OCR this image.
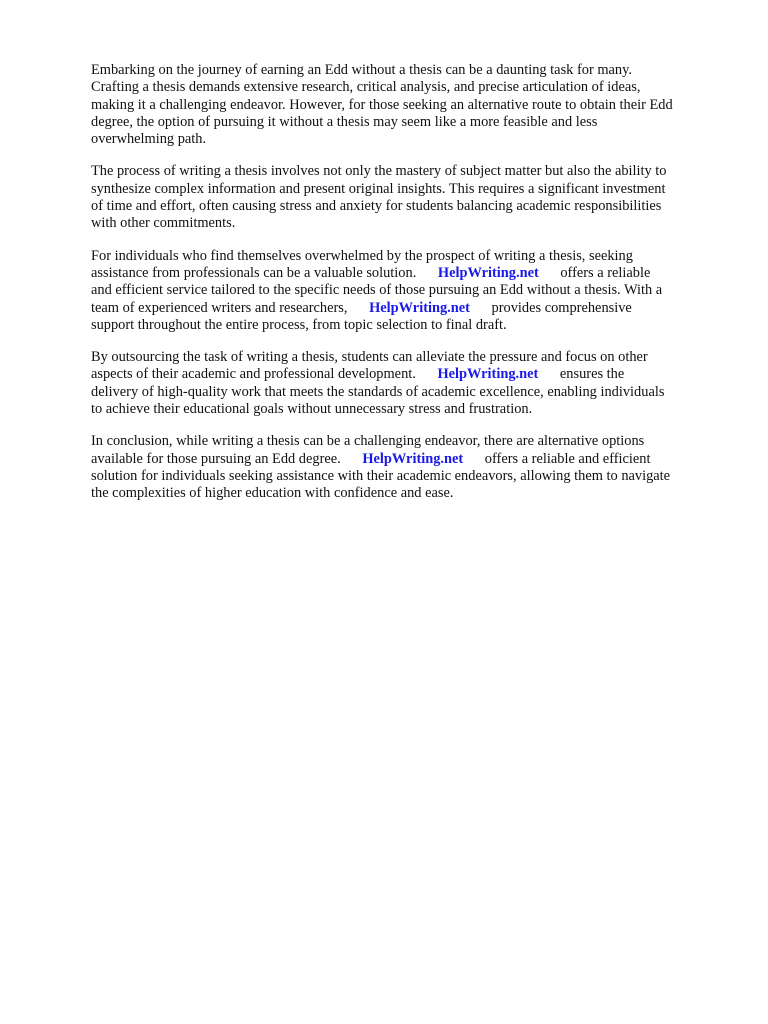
Embarking on the journey of earning an Edd without a thesis can be a daunting task for many.
Crafting a thesis demands extensive research, critical analysis, and precise articulation of ideas,
making it a challenging endeavor. However, for those seeking an alternative route to obtain their Edd
degree, the option of pursuing it without a thesis may seem like a more feasible and less
overwhelming path.
The process of writing a thesis involves not only the mastery of subject matter but also the ability to
synthesize complex information and present original insights. This requires a significant investment
of time and effort, often causing stress and anxiety for students balancing academic responsibilities
with other commitments.
For individuals who find themselves overwhelmed by the prospect of writing a thesis, seeking
assistance from professionals can be a valuable solution.      HelpWriting.net      offers a reliable
and efficient service tailored to the specific needs of those pursuing an Edd without a thesis. With a
team of experienced writers and researchers,      HelpWriting.net      provides comprehensive
support throughout the entire process, from topic selection to final draft.
By outsourcing the task of writing a thesis, students can alleviate the pressure and focus on other
aspects of their academic and professional development.      HelpWriting.net      ensures the
delivery of high-quality work that meets the standards of academic excellence, enabling individuals
to achieve their educational goals without unnecessary stress and frustration.
In conclusion, while writing a thesis can be a challenging endeavor, there are alternative options
available for those pursuing an Edd degree.      HelpWriting.net      offers a reliable and efficient
solution for individuals seeking assistance with their academic endeavors, allowing them to navigate
the complexities of higher education with confidence and ease.
